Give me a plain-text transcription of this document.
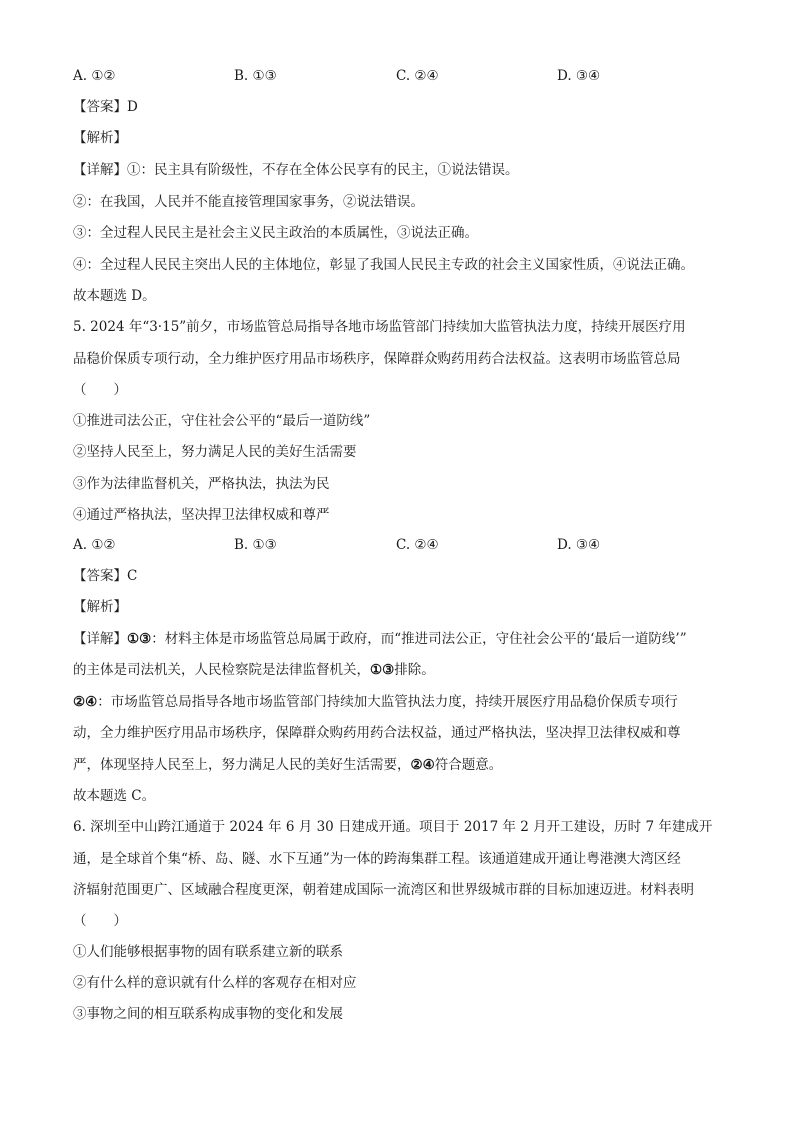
A. ①②	B. ①③	C. ②④	D. ③④
【答案】D
【解析】
【详解】①：民主具有阶级性，不存在全体公民享有的民主，①说法错误。
②：在我国，人民并不能直接管理国家事务，②说法错误。
③：全过程人民民主是社会主义民主政治的本质属性，③说法正确。
④：全过程人民民主突出人民的主体地位，彰显了我国人民民主专政的社会主义国家性质，④说法正确。
故本题选 D。
5. 2024 年“3·15”前夕，市场监管总局指导各地市场监管部门持续加大监管执法力度，持续开展医疗用
品稳价保质专项行动，全力维护医疗用品市场秩序，保障群众购药用药合法权益。这表明市场监管总局
（　　）
①推进司法公正，守住社会公平的“最后一道防线”
②坚持人民至上，努力满足人民的美好生活需要
③作为法律监督机关，严格执法，执法为民
④通过严格执法，坚决捍卫法律权威和尊严
A. ①②	B. ①③	C. ②④	D. ③④
【答案】C
【解析】
【详解】①③：材料主体是市场监管总局属于政府，而“推进司法公正，守住社会公平的‘最后一道防线’”
的主体是司法机关，人民检察院是法律监督机关，①③排除。
②④：市场监管总局指导各地市场监管部门持续加大监管执法力度，持续开展医疗用品稳价保质专项行
动，全力维护医疗用品市场秩序，保障群众购药用药合法权益，通过严格执法，坚决捍卫法律权威和尊
严，体现坚持人民至上，努力满足人民的美好生活需要，②④符合题意。
故本题选 C。
6. 深圳至中山跨江通道于 2024 年 6 月 30 日建成开通。项目于 2017 年 2 月开工建设，历时 7 年建成开
通，是全球首个集“桥、岛、隧、水下互通”为一体的跨海集群工程。该通道建成开通让粤港澳大湾区经
济辐射范围更广、区域融合程度更深，朝着建成国际一流湾区和世界级城市群的目标加速迈进。材料表明
（　　）
①人们能够根据事物的固有联系建立新的联系
②有什么样的意识就有什么样的客观存在相对应
③事物之间的相互联系构成事物的变化和发展
